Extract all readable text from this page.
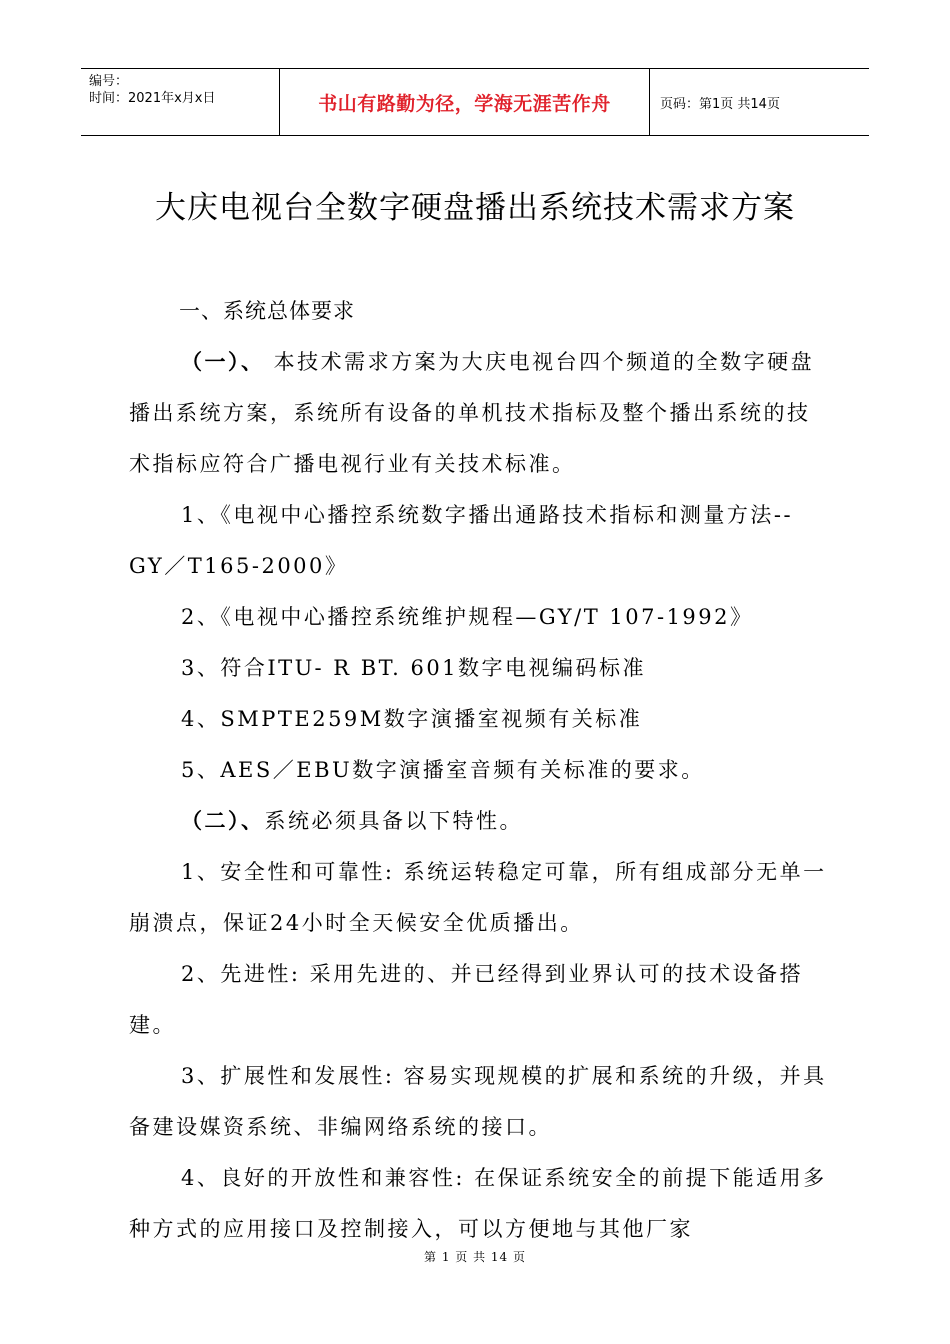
编号：
时间：2021年x月x日	书山有路勤为径，学海无涯苦作舟	页码：第1页 共14页
大庆电视台全数字硬盘播出系统技术需求方案

一、系统总体要求

（一）、 本技术需求方案为大庆电视台四个频道的全数字硬盘播出系统方案，系统所有设备的单机技术指标及整个播出系统的技术指标应符合广播电视行业有关技术标准。

1、《电视中心播控系统数字播出通路技术指标和测量方法-- GY／T165-2000》

2、《电视中心播控系统维护规程—GY/T 107-1992》

3、符合ITU- R BT. 601数字电视编码标准

4、SMPTE259M数字演播室视频有关标准

5、AES／EBU数字演播室音频有关标准的要求。

（二）、系统必须具备以下特性。

1、安全性和可靠性: 系统运转稳定可靠，所有组成部分无单一崩溃点，保证24小时全天候安全优质播出。

2、先进性: 采用先进的、并已经得到业界认可的技术设备搭建。

3、扩展性和发展性: 容易实现规模的扩展和系统的升级，并具备建设媒资系统、非编网络系统的接口。

4、良好的开放性和兼容性: 在保证系统安全的前提下能适用多种方式的应用接口及控制接入，可以方便地与其他厂家

第 1 页 共 14 页
